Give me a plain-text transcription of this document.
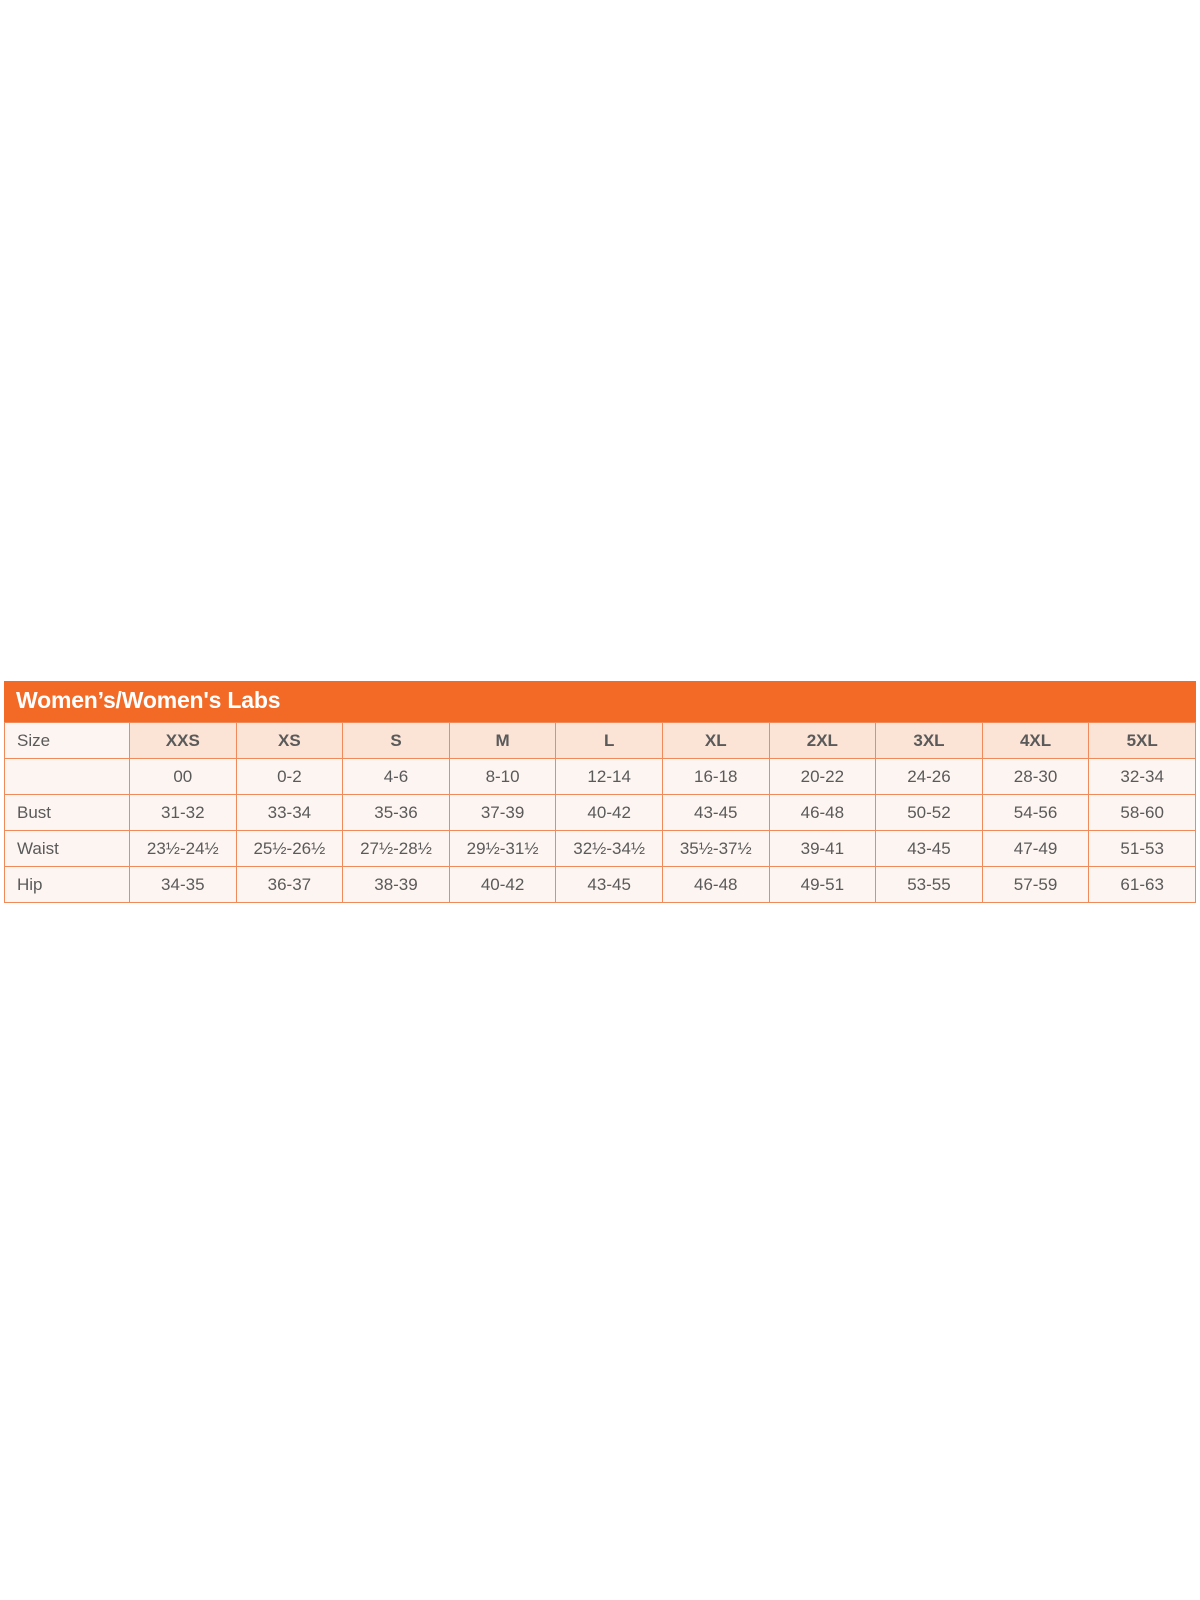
Women’s/Women's Labs
Size	XXS	XS	S	M	L	XL	2XL	3XL	4XL	5XL
	00	0-2	4-6	8-10	12-14	16-18	20-22	24-26	28-30	32-34
Bust	31-32	33-34	35-36	37-39	40-42	43-45	46-48	50-52	54-56	58-60
Waist	23½-24½	25½-26½	27½-28½	29½-31½	32½-34½	35½-37½	39-41	43-45	47-49	51-53
Hip	34-35	36-37	38-39	40-42	43-45	46-48	49-51	53-55	57-59	61-63
